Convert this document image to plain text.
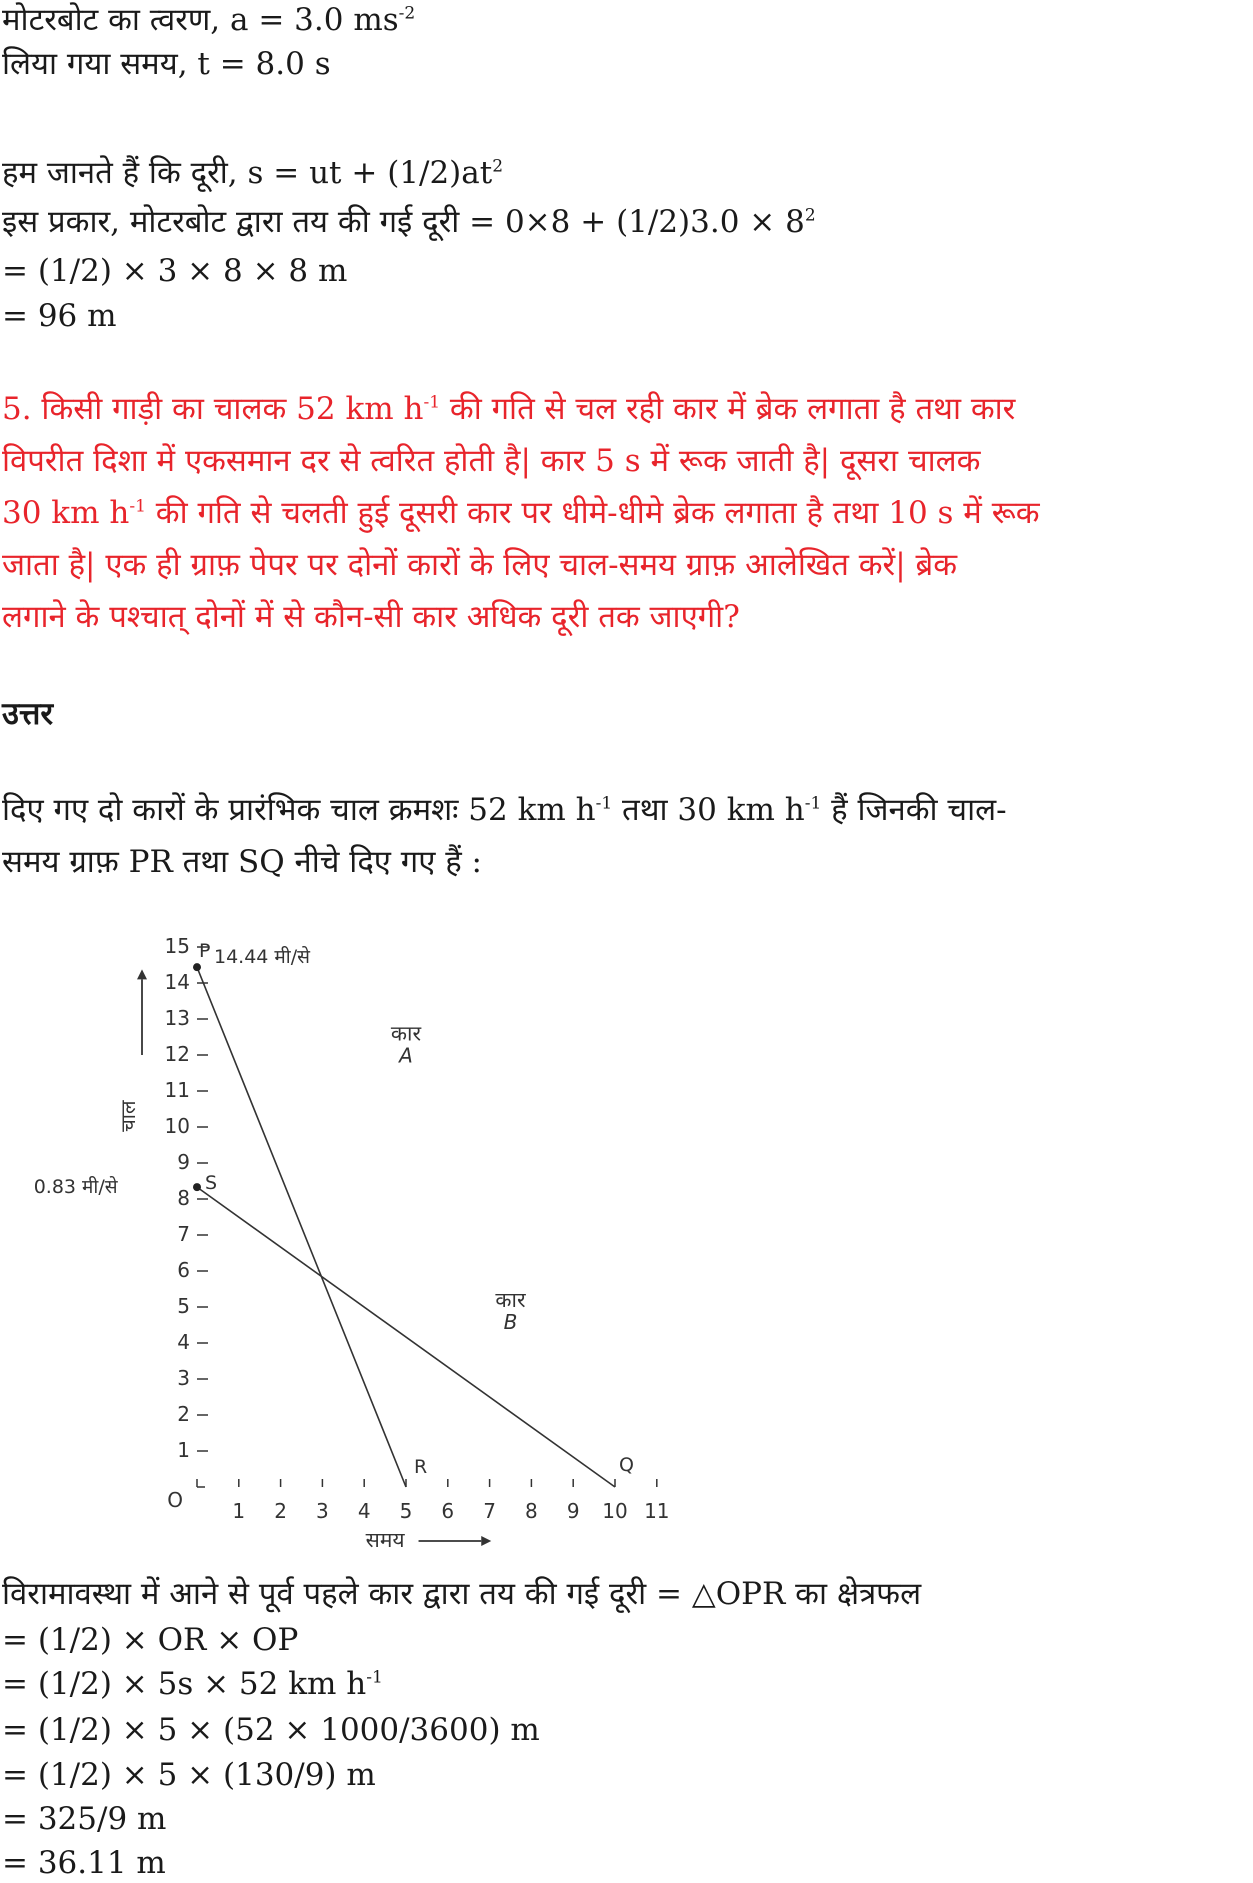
मोटरबोट का त्वरण, a = 3.0 $ms^{-2}$
लिया गया समय, t = 8.0 s
हम जानते हैं कि दूरी, s = ut + $(1/2)at^2$
इस प्रकार, मोटरबोट द्वारा तय की गई दूरी = $0\times 8 + (1/2)3.0 \times 8^2$
= (1/2) × 3 × 8 × 8 m
= 96 m
5. किसी गाड़ी का चालक 52 km $h^{-1}$ की गति से चल रही कार में ब्रेक लगाता है तथा कार
विपरीत दिशा में एकसमान दर से त्वरित होती है| कार 5 s में रूक जाती है| दूसरा चालक
30 km $h^{-1}$ की गति से चलती हुई दूसरी कार पर धीमे-धीमे ब्रेक लगाता है तथा 10 s में रूक
जाता है| एक ही ग्राफ़ पेपर पर दोनों कारों के लिए चाल-समय ग्राफ़ आलेखित करें| ब्रेक
लगाने के पश्चात् दोनों में से कौन-सी कार अधिक दूरी तक जाएगी?
उत्तर
दिए गए दो कारों के प्रारंभिक चाल क्रमशः 52 km $h^{-1}$ तथा 30 km $h^{-1}$ हैं जिनकी चाल-
समय ग्राफ़ PR तथा SQ नीचे दिए गए हैं :
O
1
2
3
4
5
6
7
8
9
10
11
12
13
14
15
1 2 3 4 5 6 7 8 9 10 11
चाल
समय
P
R
14.44 मी/से
कार
A
S
Q
0.83 मी/से
कार
B
विरामावस्था में आने से पूर्व पहले कार द्वारा तय की गई दूरी = △OPR का क्षेत्रफल
= (1/2) × OR × OP
= (1/2) × 5s × 52 km $h^{-1}$
= (1/2) × 5 × (52 × 1000/3600) m
= (1/2) × 5 × (130/9) m
= 325/9 m
= 36.11 m
